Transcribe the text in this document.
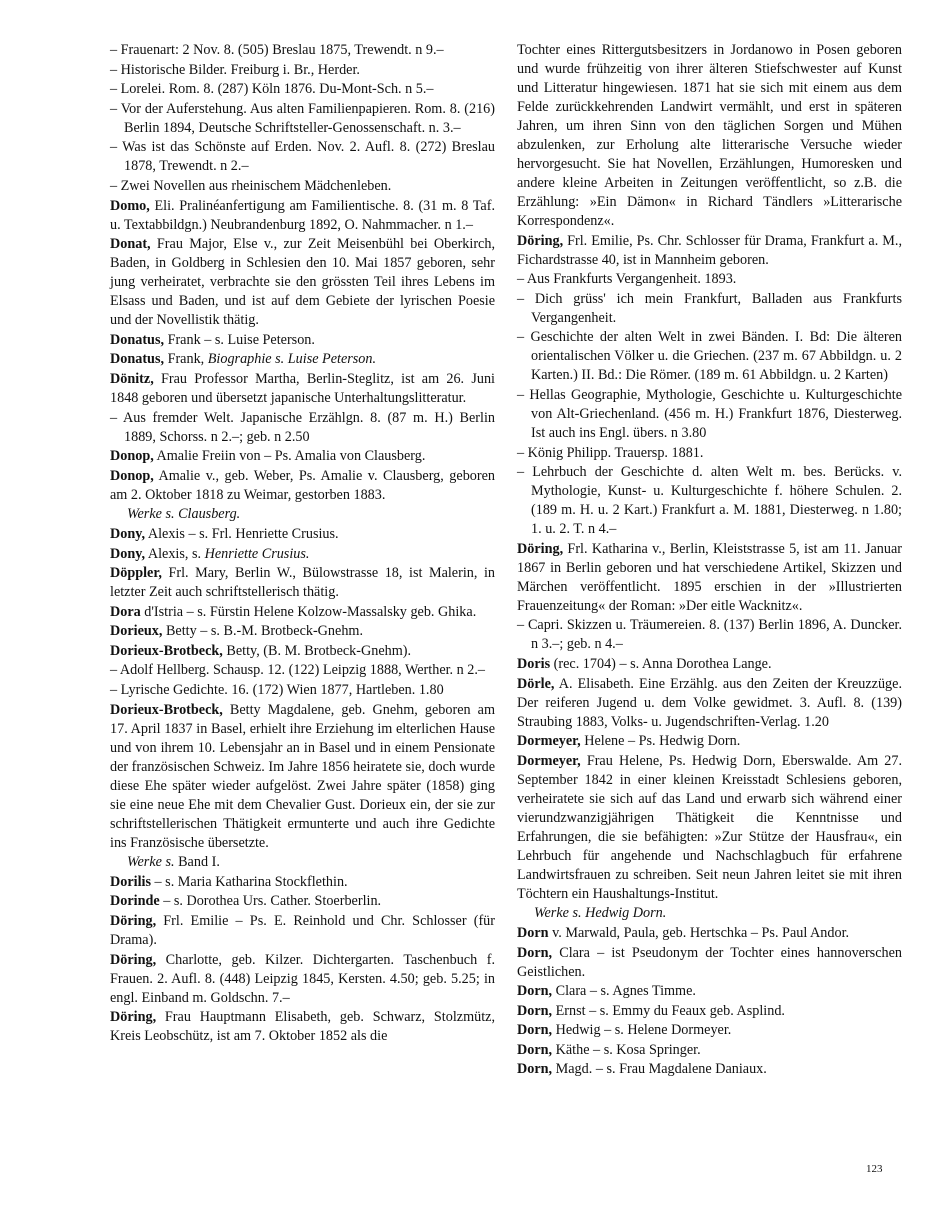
– Frauenart: 2 Nov. 8. (505) Breslau 1875, Trewendt. n 9.–
– Historische Bilder. Freiburg i. Br., Herder.
– Lorelei. Rom. 8. (287) Köln 1876. Du-Mont-Sch. n 5.–
– Vor der Auferstehung. Aus alten Familienpapieren. Rom. 8. (216) Berlin 1894, Deutsche Schriftsteller-Genossenschaft. n. 3.–
– Was ist das Schönste auf Erden. Nov. 2. Aufl. 8. (272) Breslau 1878, Trewendt. n 2.–
– Zwei Novellen aus rheinischem Mädchenleben.
Domo, Eli. Pralinéanfertigung am Familientische. 8. (31 m. 8 Taf. u. Textabbildgn.) Neubrandenburg 1892, O. Nahmmacher. n 1.–
Donat, Frau Major, Else v., zur Zeit Meisenbühl bei Oberkirch, Baden, in Goldberg in Schlesien den 10. Mai 1857 geboren, sehr jung verheiratet, verbrachte sie den grössten Teil ihres Lebens im Elsass und Baden, und ist auf dem Gebiete der lyrischen Poesie und der Novellistik thätig.
Donatus, Frank – s. Luise Peterson.
Donatus, Frank, Biographie s. Luise Peterson.
Dönitz, Frau Professor Martha, Berlin-Steglitz, ist am 26. Juni 1848 geboren und übersetzt japanische Unterhaltungslitteratur.
– Aus fremder Welt. Japanische Erzählgn. 8. (87 m. H.) Berlin 1889, Schorss. n 2.–; geb. n 2.50
Donop, Amalie Freiin von – Ps. Amalia von Clausberg.
Donop, Amalie v., geb. Weber, Ps. Amalie v. Clausberg, geboren am 2. Oktober 1818 zu Weimar, gestorben 1883.
Werke s. Clausberg.
Dony, Alexis – s. Frl. Henriette Crusius.
Dony, Alexis, s. Henriette Crusius.
Döppler, Frl. Mary, Berlin W., Bülowstrasse 18, ist Malerin, in letzter Zeit auch schriftstellerisch thätig.
Dora d'Istria – s. Fürstin Helene Kolzow-Massalsky geb. Ghika.
Dorieux, Betty – s. B.-M. Brotbeck-Gnehm.
Dorieux-Brotbeck, Betty, (B. M. Brotbeck-Gnehm).
– Adolf Hellberg. Schausp. 12. (122) Leipzig 1888, Werther. n 2.–
– Lyrische Gedichte. 16. (172) Wien 1877, Hartleben. 1.80
Dorieux-Brotbeck, Betty Magdalene, geb. Gnehm, geboren am 17. April 1837 in Basel, erhielt ihre Erziehung im elterlichen Hause und von ihrem 10. Lebensjahr an in Basel und in einem Pensionate der französischen Schweiz. Im Jahre 1856 heiratete sie, doch wurde diese Ehe später wieder aufgelöst. Zwei Jahre später (1858) ging sie eine neue Ehe mit dem Chevalier Gust. Dorieux ein, der sie zur schriftstellerischen Thätigkeit ermunterte und auch ihre Gedichte ins Französische übersetzte.
Werke s. Band I.
Dorilis – s. Maria Katharina Stockflethin.
Dorinde – s. Dorothea Urs. Cather. Stoerberlin.
Döring, Frl. Emilie – Ps. E. Reinhold und Chr. Schlosser (für Drama).
Döring, Charlotte, geb. Kilzer. Dichtergarten. Taschenbuch f. Frauen. 2. Aufl. 8. (448) Leipzig 1845, Kersten. 4.50; geb. 5.25; in engl. Einband m. Goldschn. 7.–
Döring, Frau Hauptmann Elisabeth, geb. Schwarz, Stolzmütz, Kreis Leobschütz, ist am 7. Oktober 1852 als die
Tochter eines Rittergutsbesitzers in Jordanowo in Posen geboren und wurde frühzeitig von ihrer älteren Stiefschwester auf Kunst und Litteratur hingewiesen. 1871 hat sie sich mit einem aus dem Felde zurückkehrenden Landwirt vermählt, und erst in späteren Jahren, um ihren Sinn von den täglichen Sorgen und Mühen abzulenken, zur Erholung alte litterarische Versuche wieder hervorgesucht. Sie hat Novellen, Erzählungen, Humoresken und andere kleine Arbeiten in Zeitungen veröffentlicht, so z.B. die Erzählung: »Ein Dämon« in Richard Tändlers »Litterarische Korrespondenz«.
Döring, Frl. Emilie, Ps. Chr. Schlosser für Drama, Frankfurt a. M., Fichardstrasse 40, ist in Mannheim geboren.
– Aus Frankfurts Vergangenheit. 1893.
– Dich grüss' ich mein Frankfurt, Balladen aus Frankfurts Vergangenheit.
– Geschichte der alten Welt in zwei Bänden. I. Bd: Die älteren orientalischen Völker u. die Griechen. (237 m. 67 Abbildgn. u. 2 Karten.) II. Bd.: Die Römer. (189 m. 61 Abbildgn. u. 2 Karten)
– Hellas Geographie, Mythologie, Geschichte u. Kulturgeschichte von Alt-Griechenland. (456 m. H.) Frankfurt 1876, Diesterweg. Ist auch ins Engl. übers. n 3.80
– König Philipp. Trauersp. 1881.
– Lehrbuch der Geschichte d. alten Welt m. bes. Berücks. v. Mythologie, Kunst- u. Kulturgeschichte f. höhere Schulen. 2. (189 m. H. u. 2 Kart.) Frankfurt a. M. 1881, Diesterweg. n 1.80; 1. u. 2. T. n 4.–
Döring, Frl. Katharina v., Berlin, Kleiststrasse 5, ist am 11. Januar 1867 in Berlin geboren und hat verschiedene Artikel, Skizzen und Märchen veröffentlicht. 1895 erschien in der »Illustrierten Frauenzeitung« der Roman: »Der eitle Wacknitz«.
– Capri. Skizzen u. Träumereien. 8. (137) Berlin 1896, A. Duncker. n 3.–; geb. n 4.–
Doris (rec. 1704) – s. Anna Dorothea Lange.
Dörle, A. Elisabeth. Eine Erzählg. aus den Zeiten der Kreuzzüge. Der reiferen Jugend u. dem Volke gewidmet. 3. Aufl. 8. (139) Straubing 1883, Volks- u. Jugendschriften-Verlag. 1.20
Dormeyer, Helene – Ps. Hedwig Dorn.
Dormeyer, Frau Helene, Ps. Hedwig Dorn, Eberswalde. Am 27. September 1842 in einer kleinen Kreisstadt Schlesiens geboren, verheiratete sie sich auf das Land und erwarb sich während einer vierundzwanzigjährigen Thätigkeit die Kenntnisse und Erfahrungen, die sie befähigten: »Zur Stütze der Hausfrau«, ein Lehrbuch für angehende und Nachschlagbuch für erfahrene Landwirtsfrauen zu schreiben. Seit neun Jahren leitet sie mit ihren Töchtern ein Haushaltungs-Institut.
Werke s. Hedwig Dorn.
Dorn v. Marwald, Paula, geb. Hertschka – Ps. Paul Andor.
Dorn, Clara – ist Pseudonym der Tochter eines hannoverschen Geistlichen.
Dorn, Clara – s. Agnes Timme.
Dorn, Ernst – s. Emmy du Feaux geb. Asplind.
Dorn, Hedwig – s. Helene Dormeyer.
Dorn, Käthe – s. Kosa Springer.
Dorn, Magd. – s. Frau Magdalene Daniaux.
123
